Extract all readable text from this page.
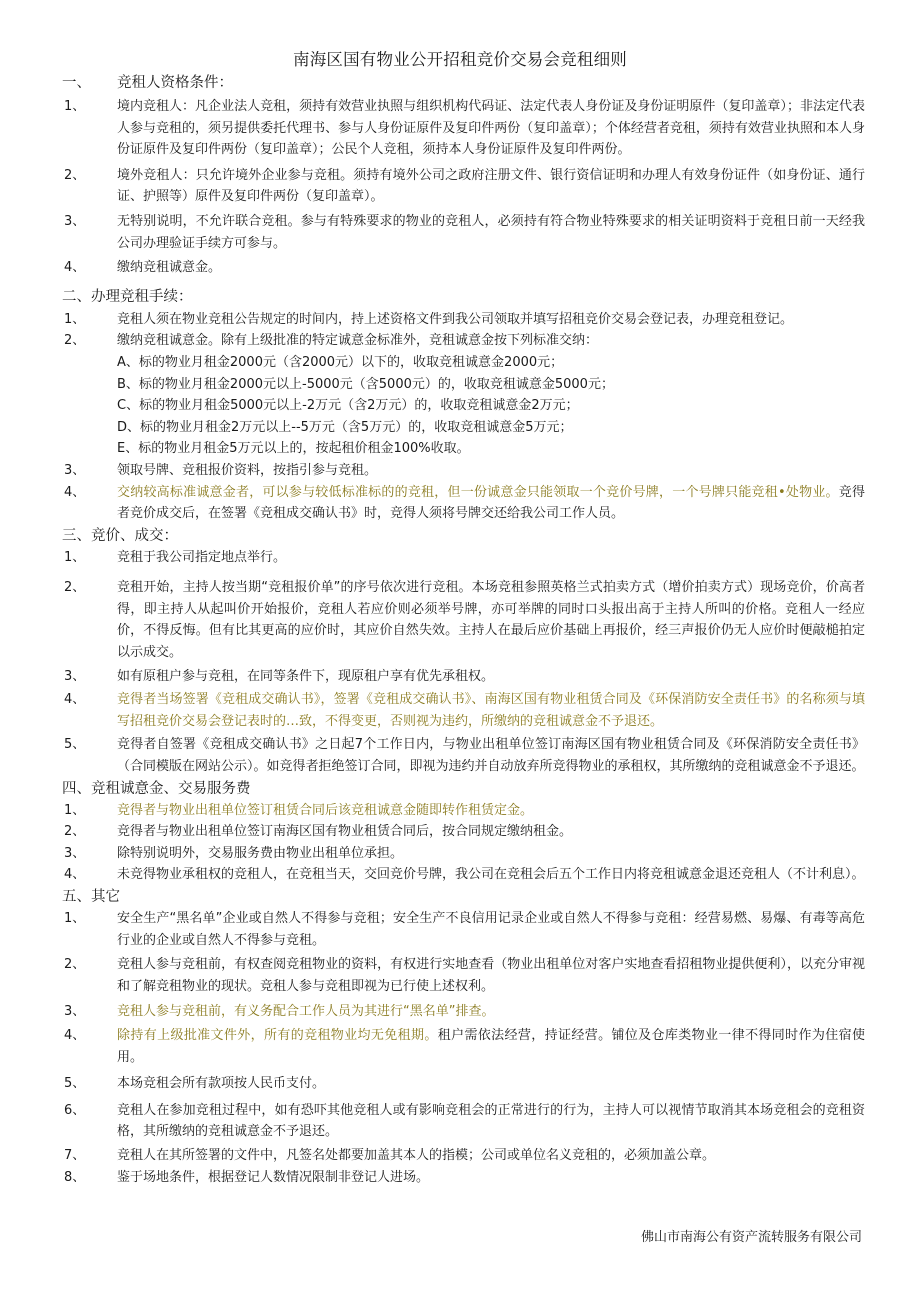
南海区国有物业公开招租竞价交易会竞租细则
一、 竞租人资格条件：
1、 境内竞租人：凡企业法人竞租，须持有效营业执照与组织机构代码证、法定代表人身份证及身份证明原件（复印盖章）；非法定代表人参与竞租的，须另提供委托代理书、参与人身份证原件及复印件两份（复印盖章）；个体经营者竞租，须持有效营业执照和本人身份证原件及复印件两份（复印盖章）；公民个人竞租，须持本人身份证原件及复印件两份。
2、 境外竞租人：只允许境外企业参与竞租。须持有境外公司之政府注册文件、银行资信证明和办理人有效身份证件（如身份证、通行证、护照等）原件及复印件两份（复印盖章）。
3、 无特别说明，不允许联合竞租。参与有特殊要求的物业的竞租人，必须持有符合物业特殊要求的相关证明资料于竞租日前一天经我公司办理验证手续方可参与。
4、 缴纳竞租诚意金。
二、办理竞租手续：
1、 竞租人须在物业竞租公告规定的时间内，持上述资格文件到我公司领取并填写招租竞价交易会登记表，办理竞租登记。
2、 缴纳竞租诚意金。除有上级批准的特定诚意金标准外，竞租诚意金按下列标准交纳：
A、标的物业月租金2000元（含2000元）以下的，收取竞租诚意金2000元；
B、标的物业月租金2000元以上-5000元（含5000元）的，收取竞租诚意金5000元；
C、标的物业月租金5000元以上-2万元（含2万元）的，收取竞租诚意金2万元；
D、标的物业月租金2万元以上--5万元（含5万元）的，收取竞租诚意金5万元；
E、标的物业月租金5万元以上的，按起租价租金100%收取。
3、 领取号牌、竞租报价资料，按指引参与竞租。
4、 交纳较高标准诚意金者，可以参与较低标准标的的竞租，但一份诚意金只能领取一个竞价号牌，一个号牌只能竞租•处物业。竞得者竞价成交后，在签署《竞租成交确认书》时，竞得人须将号牌交还给我公司工作人员。
三、竞价、成交：
1、 竞租于我公司指定地点举行。
2、 竞租开始，主持人按当期“竞租报价单”的序号依次进行竞租。本场竞租参照英格兰式拍卖方式（增价拍卖方式）现场竞价，价高者得，即主持人从起叫价开始报价，竞租人若应价则必须举号牌，亦可举牌的同时口头报出高于主持人所叫的价格。竞租人一经应价，不得反悔。但有比其更高的应价时，其应价自然失效。主持人在最后应价基础上再报价，经三声报价仍无人应价时便敲槌拍定以示成交。
3、 如有原租户参与竞租，在同等条件下，现原租户享有优先承租权。
4、 竞得者当场签署《竞租成交确认书》，签署《竞租成交确认书》、南海区国有物业租赁合同及《环保消防安全责任书》的名称须与填写招租竞价交易会登记表时的…致，不得变更，否则视为违约，所缴纳的竞租诚意金不予退还。
5、 竞得者自签署《竞租成交确认书》之日起7个工作日内，与物业出租单位签订南海区国有物业租赁合同及《环保消防安全责任书》（合同模版在网站公示）。如竞得者拒绝签订合同，即视为违约并自动放弃所竞得物业的承租权，其所缴纳的竞租诚意金不予退还。
四、竞租诚意金、交易服务费
1、 竞得者与物业出租单位签订租赁合同后该竞租诚意金随即转作租赁定金。
2、 竞得者与物业出租单位签订南海区国有物业租赁合同后，按合同规定缴纳租金。
3、 除特别说明外，交易服务费由物业出租单位承担。
4、 未竞得物业承租权的竞租人，在竞租当天，交回竞价号牌，我公司在竞租会后五个工作日内将竞租诚意金退还竞租人（不计利息）。
五、其它
1、 安全生产“黑名单”企业或自然人不得参与竞租；安全生产不良信用记录企业或自然人不得参与竞租：经营易燃、易爆、有毒等高危行业的企业或自然人不得参与竞租。
2、 竞租人参与竞租前，有权查阅竞租物业的资料，有权进行实地查看（物业出租单位对客户实地查看招租物业提供便利），以充分审视和了解竞租物业的现状。竞租人参与竞租即视为已行使上述权利。
3、 竞租人参与竞租前，有义务配合工作人员为其进行“黑名单”排查。
4、 除持有上级批准文件外，所有的竞租物业均无免租期。租户需依法经营，持证经营。铺位及仓库类物业一律不得同时作为住宿使用。
5、 本场竞租会所有款项按人民币支付。
6、 竞租人在参加竞租过程中，如有恐吓其他竞租人或有影响竞租会的正常进行的行为，主持人可以视情节取消其本场竞租会的竞租资格，其所缴纳的竞租诚意金不予退还。
7、 竞租人在其所签署的文件中，凡签名处都要加盖其本人的指模；公司或单位名义竞租的，必须加盖公章。
8、 鉴于场地条件，根据登记人数情况限制非登记人进场。
佛山市南海公有资产流转服务有限公司
